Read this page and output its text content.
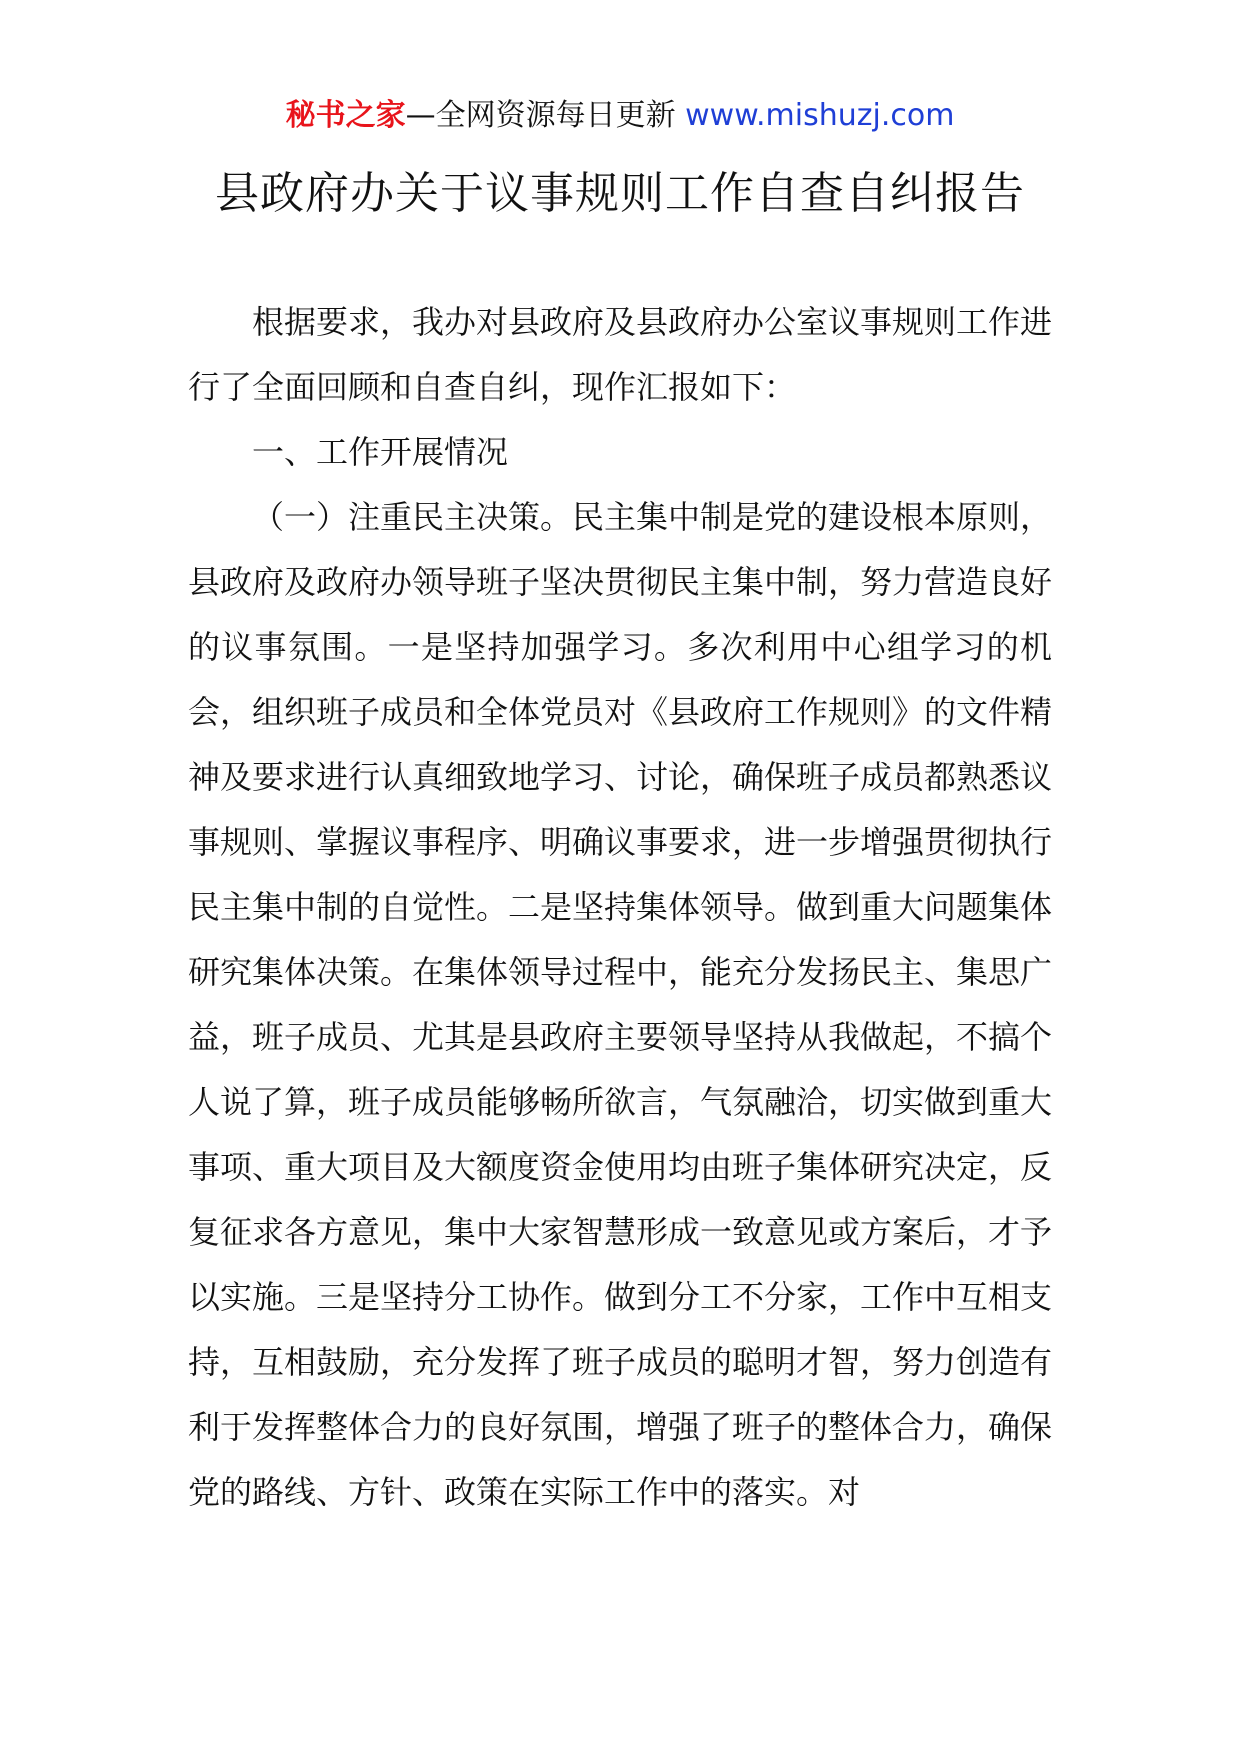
秘书之家—全网资源每日更新 www.mishuzj.com
县政府办关于议事规则工作自查自纠报告

根据要求，我办对县政府及县政府办公室议事规则工作进行了全面回顾和自查自纠，现作汇报如下：

一、工作开展情况

（一）注重民主决策。民主集中制是党的建设根本原则，县政府及政府办领导班子坚决贯彻民主集中制，努力营造良好的议事氛围。一是坚持加强学习。多次利用中心组学习的机会，组织班子成员和全体党员对《县政府工作规则》的文件精神及要求进行认真细致地学习、讨论，确保班子成员都熟悉议事规则、掌握议事程序、明确议事要求，进一步增强贯彻执行民主集中制的自觉性。二是坚持集体领导。做到重大问题集体研究集体决策。在集体领导过程中，能充分发扬民主、集思广益，班子成员、尤其是县政府主要领导坚持从我做起，不搞个人说了算，班子成员能够畅所欲言，气氛融洽，切实做到重大事项、重大项目及大额度资金使用均由班子集体研究决定，反复征求各方意见，集中大家智慧形成一致意见或方案后，才予以实施。三是坚持分工协作。做到分工不分家，工作中互相支持，互相鼓励，充分发挥了班子成员的聪明才智，努力创造有利于发挥整体合力的良好氛围，增强了班子的整体合力，确保党的路线、方针、政策在实际工作中的落实。对
